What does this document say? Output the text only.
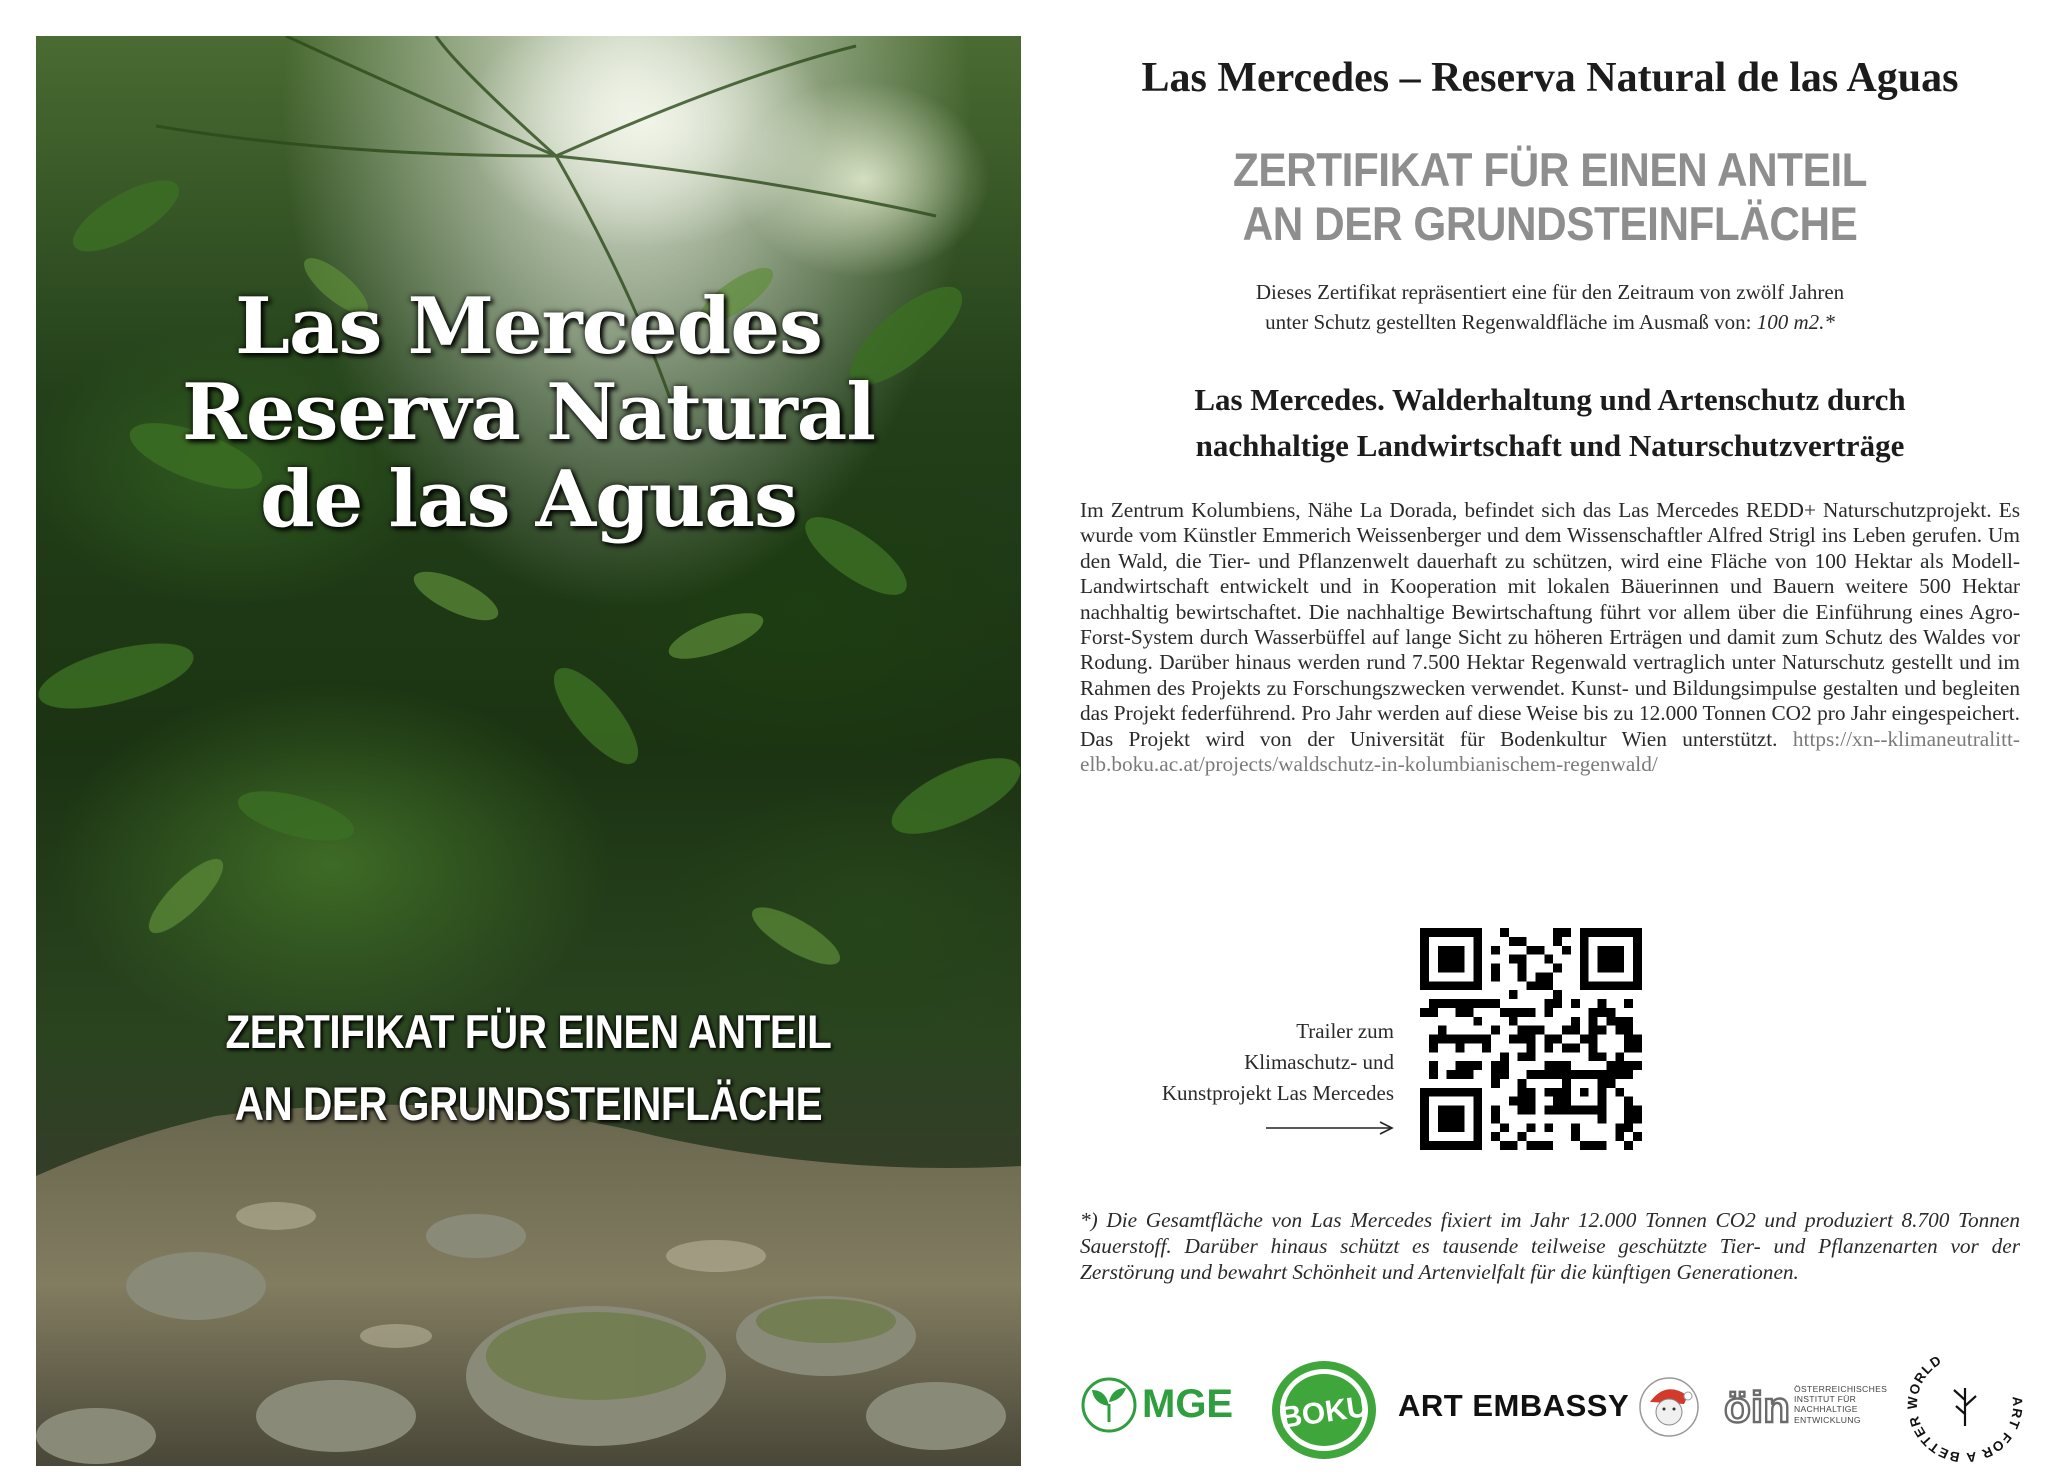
Las Mercedes
Reserva Natural
de las Aguas
ZERTIFIKAT FÜR EINEN ANTEIL
AN DER GRUNDSTEINFLÄCHE
Las Mercedes – Reserva Natural de las Aguas
ZERTIFIKAT FÜR EINEN ANTEIL
AN DER GRUNDSTEINFLÄCHE
Dieses Zertifikat repräsentiert eine für den Zeitraum von zwölf Jahren
unter Schutz gestellten Regenwaldfläche im Ausmaß von: 100 m2.*
Las Mercedes. Walderhaltung und Artenschutz durch
nachhaltige Landwirtschaft und Naturschutzverträge
Im Zentrum Kolumbiens, Nähe La Dorada, befindet sich das Las Mercedes REDD+ Naturschutzprojekt. Es wurde vom Künstler Emmerich Weissenberger und dem Wissenschaftler Alfred Strigl ins Leben gerufen. Um den Wald, die Tier- und Pflanzenwelt dauerhaft zu schützen, wird eine Fläche von 100 Hektar als Modell-Landwirtschaft entwickelt und in Kooperation mit lokalen Bäuerinnen und Bauern weitere 500 Hektar nachhaltig bewirtschaftet. Die nachhaltige Bewirtschaftung führt vor allem über die Einführung eines Agro-Forst-System durch Wasserbüffel auf lange Sicht zu höheren Erträgen und damit zum Schutz des Waldes vor Rodung. Darüber hinaus werden rund 7.500 Hektar Regenwald vertraglich unter Naturschutz gestellt und im Rahmen des Projekts zu Forschungszwecken verwendet. Kunst- und Bildungsimpulse gestalten und begleiten das Projekt federführend. Pro Jahr werden auf diese Weise bis zu 12.000 Tonnen CO2 pro Jahr eingespeichert. Das Projekt wird von der Universität für Bodenkultur Wien unterstützt. https://xn--klimaneutralitt-elb.boku.ac.at/projects/waldschutz-in-kolumbianischem-regenwald/
Trailer zum
Klimaschutz- und
Kunstprojekt Las Mercedes
*) Die Gesamtfläche von Las Mercedes fixiert im Jahr 12.000 Tonnen CO2 und produziert 8.700 Tonnen Sauerstoff. Darüber hinaus schützt es tausende teilweise geschützte Tier- und Pflanzenarten vor der Zerstörung und bewahrt Schönheit und Artenvielfalt für die künftigen Generationen.
MGE BOKU ART EMBASSY öin ÖSTERREICHISCHES
INSTITUT FÜR
NACHHALTIGE
ENTWICKLUNG
ART FOR A BETTER WORLD
